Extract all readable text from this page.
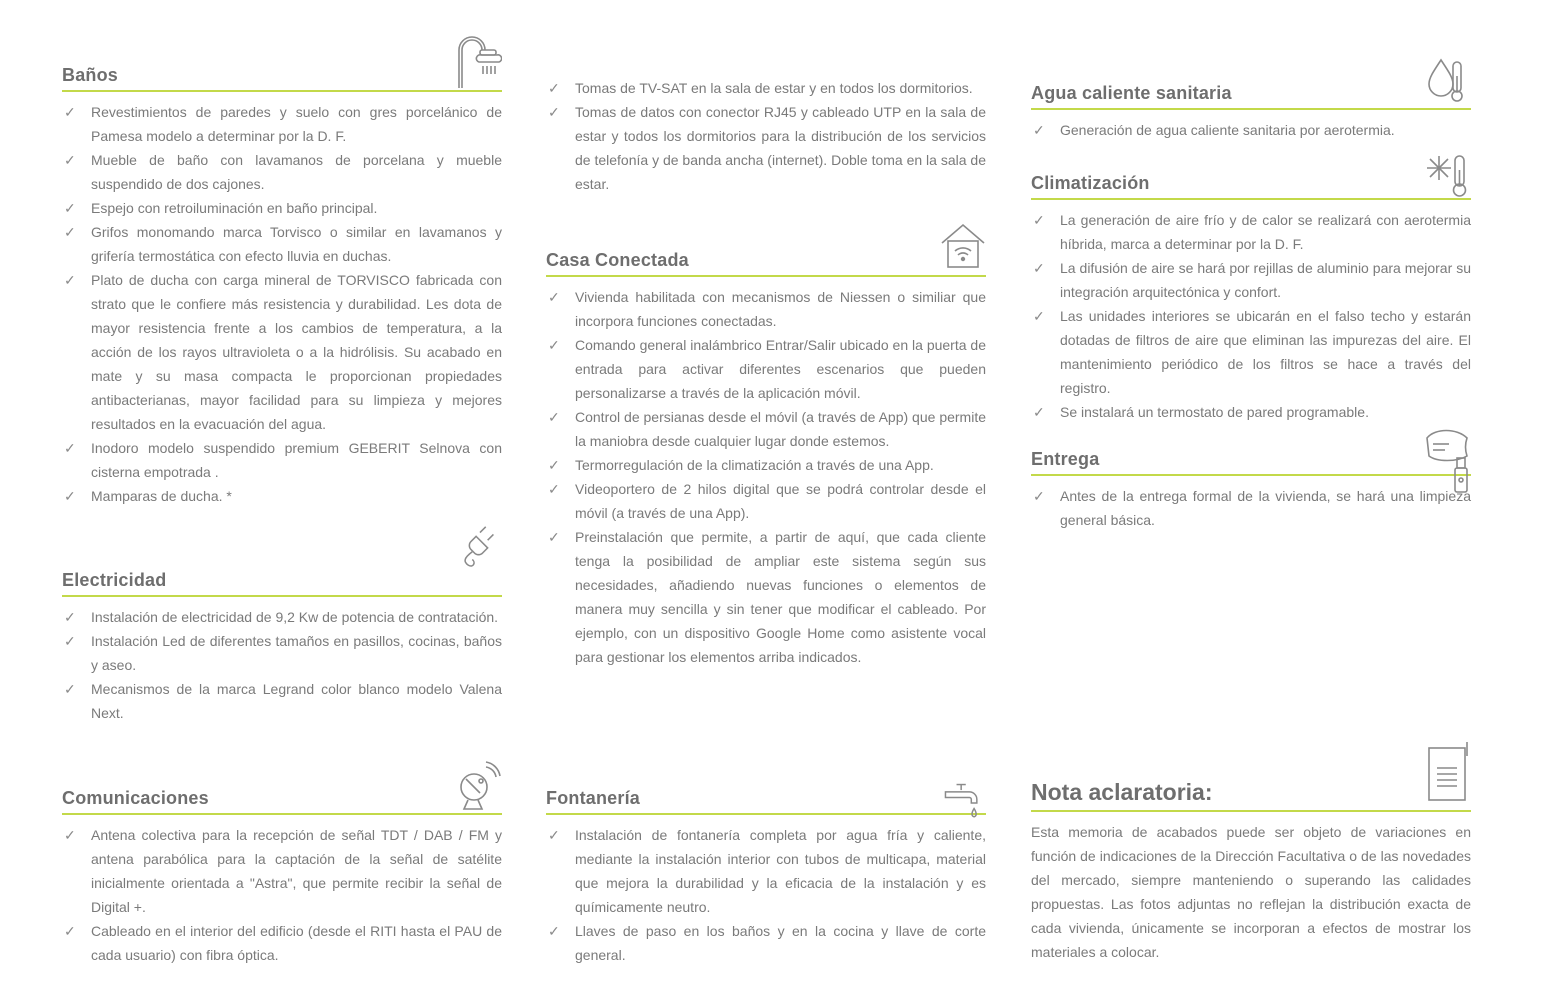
Baños
✓ Revestimientos de paredes y suelo con gres porcelánico de Pamesa modelo a determinar por la D. F.
✓ Mueble de baño con lavamanos de porcelana y mueble suspendido de dos cajones.
✓ Espejo con retroiluminación en baño principal.
✓ Grifos monomando marca Torvisco o similar en lavamanos y grifería termostática con efecto lluvia en duchas.
✓ Plato de ducha con carga mineral de TORVISCO fabricada con strato que le confiere más resistencia y durabilidad. Les dota de mayor resistencia frente a los cambios de temperatura, a la acción de los rayos ultravioleta o a la hidrólisis. Su acabado en mate y su masa compacta le proporcionan propiedades antibacterianas, mayor facilidad para su limpieza y mejores resultados en la evacuación del agua.
✓ Inodoro modelo suspendido premium GEBERIT Selnova con cisterna empotrada .
✓ Mamparas de ducha. *
Electricidad
✓ Instalación de electricidad de 9,2 Kw de potencia de contratación.
✓ Instalación Led de diferentes tamaños en pasillos, cocinas, baños y aseo.
✓ Mecanismos de la marca Legrand color blanco modelo Valena Next.
Comunicaciones
✓ Antena colectiva para la recepción de señal TDT / DAB / FM y antena parabólica para la captación de la señal de satélite inicialmente orientada a "Astra", que permite recibir la señal de Digital +.
✓ Cableado en el interior del edificio (desde el RITI hasta el PAU de cada usuario) con fibra óptica.
✓ Tomas de TV-SAT en la sala de estar y en todos los dormitorios.
✓ Tomas de datos con conector RJ45 y cableado UTP en la sala de estar y todos los dormitorios para la distribución de los servicios de telefonía y de banda ancha (internet). Doble toma en la sala de estar.
Casa Conectada
✓ Vivienda habilitada con mecanismos de Niessen o similiar que incorpora funciones conectadas.
✓ Comando general inalámbrico Entrar/Salir ubicado en la puerta de entrada para activar diferentes escenarios que pueden personalizarse a través de la aplicación móvil.
✓ Control de persianas desde el móvil (a través de App) que permite la maniobra desde cualquier lugar donde estemos.
✓ Termorregulación de la climatización a través de una App.
✓ Videoportero de 2 hilos digital que se podrá controlar desde el móvil (a través de una App).
✓ Preinstalación que permite, a partir de aquí, que cada cliente tenga la posibilidad de ampliar este sistema según sus necesidades, añadiendo nuevas funciones o elementos de manera muy sencilla y sin tener que modificar el cableado. Por ejemplo, con un dispositivo Google Home como asistente vocal para gestionar los elementos arriba indicados.
Fontanería
✓ Instalación de fontanería completa por agua fría y caliente, mediante la instalación interior con tubos de multicapa, material que mejora la durabilidad y la eficacia de la instalación y es químicamente neutro.
✓ Llaves de paso en los baños y en la cocina y llave de corte general.
Agua caliente sanitaria
✓ Generación de agua caliente sanitaria por aerotermia.
Climatización
✓ La generación de aire frío y de calor se realizará con aerotermia híbrida, marca a determinar por la D. F.
✓ La difusión de aire se hará por rejillas de aluminio para mejorar su integración arquitectónica y confort.
✓ Las unidades interiores se ubicarán en el falso techo y estarán dotadas de filtros de aire que eliminan las impurezas del aire. El mantenimiento periódico de los filtros se hace a través del registro.
✓ Se instalará un termostato de pared programable.
Entrega
✓ Antes de la entrega formal de la vivienda, se hará una limpieza general básica.
Nota aclaratoria:

Esta memoria de acabados puede ser objeto de variaciones en función de indicaciones de la Dirección Facultativa o de las novedades del mercado, siempre manteniendo o superando las calidades propuestas. Las fotos adjuntas no reflejan la distribución exacta de cada vivienda, únicamente se incorporan a efectos de mostrar los materiales a colocar.
